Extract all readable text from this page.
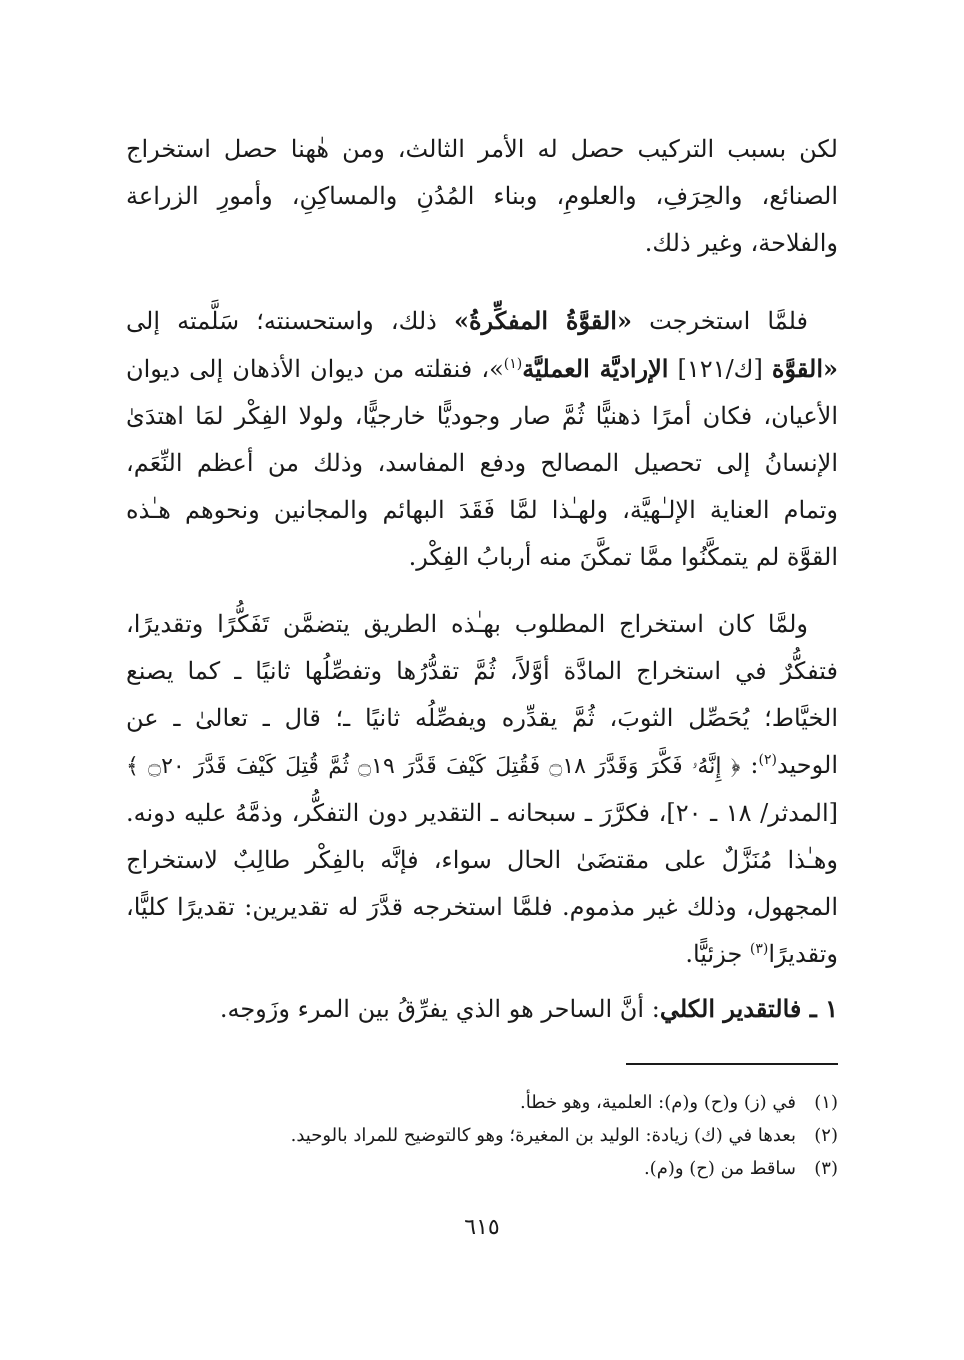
لكن بسبب التركيب حصل له الأمر الثالث، ومن هٰهنا حصل استخراج الصنائع، والحِرَفِ، والعلومِ، وبناء المُدُنِ والمساكِنِ، وأمورِ الزراعة والفلاحة، وغير ذلك.

فلمَّا استخرجت «القوَّةُ المفكِّرةُ» ذلك، واستحسنته؛ سَلَّمته إلى «القوَّة [ك/١٢١] الإراديَّة العمليَّة$^{(١)}$»، فنقلته من ديوان الأذهان إلى ديوان الأعيان، فكان أمرًا ذهنيًّا ثُمَّ صار وجوديًّا خارجيًّا، ولولا الفِكْر لمَا اهتدَىٰ الإنسانُ إلى تحصيل المصالح ودفع المفاسد، وذلك من أعظم النِّعَم، وتمام العناية الإلـٰهيَّة، ولهـٰذا لمَّا فَقَدَ البهائم والمجانين ونحوهم هـٰذه القوَّة لم يتمكَّنُوا ممَّا تمكَّنَ منه أربابُ الفِكْر.

ولمَّا كان استخراج المطلوب بهـٰذه الطريق يتضمَّن تَفَكُّرًا وتقديرًا، فتفكُّرٌ في استخراج المادَّة أوَّلاً، ثُمَّ تقدُّرُها وتفصِّلُها ثانيًا ـ كما يصنع الخيَّاط؛ يُحَصِّل الثوبَ، ثُمَّ يقدِّره ويفصِّلُه ثانيًا ـ؛ قال ـ تعالىٰ ـ عن الوحيد$^{(٢)}$: ﴿ إِنَّهُۥ فَكَّرَ وَقَدَّرَ ۝١٨ فَقُتِلَ كَيْفَ قَدَّرَ ۝١٩ ثُمَّ قُتِلَ كَيْفَ قَدَّرَ ۝٢٠ ﴾ [المدثر/ ١٨ ـ ٢٠]، فكرَّرَ ـ سبحانه ـ التقدير دون التفكُّر، وذمَّهُ عليه دونه. وهـٰذا مُنَزَّلٌ على مقتضَىٰ الحال سواء، فإنَّه بالفِكْر طالِبٌ لاستخراج المجهول، وذلك غير مذموم. فلمَّا استخرجه قدَّرَ له تقديرين: تقديرًا كليًّا، وتقديرًا$^{(٣)}$ جزئيًّا.

١ ـ فالتقدير الكلي: أنَّ الساحر هو الذي يفرِّقُ بين المرء وزَوجه.

(١)في (ز) و(ح) و(م): العلمية، وهو خطأ.
(٢)بعدها في (ك) زيادة: الوليد بن المغيرة؛ وهو كالتوضيح للمراد بالوحيد.
(٣)ساقط من (ح) و(م).
٦١٥
